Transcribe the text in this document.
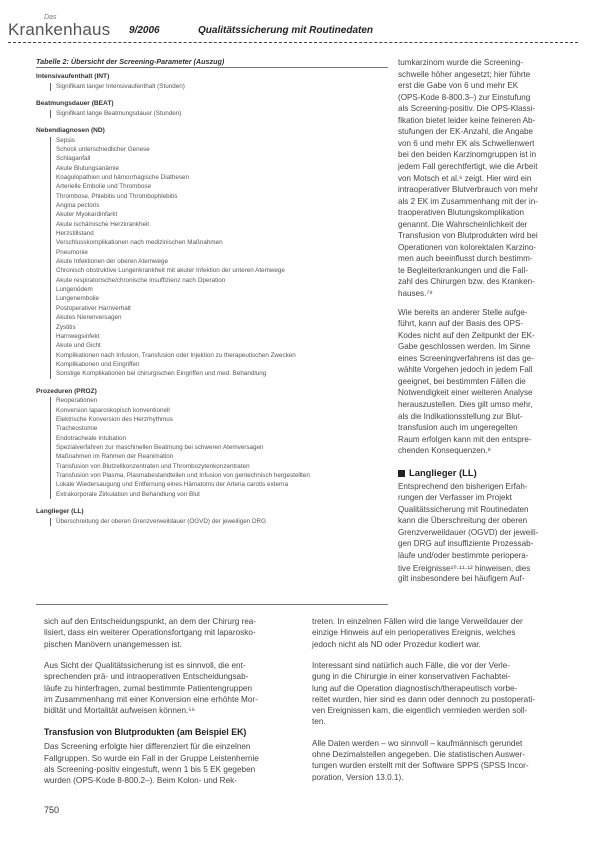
Das
Krankenhaus 9/2006	Qualitätssicherung mit Routinedaten
Tabelle 2: Übersicht der Screening-Parameter (Auszug)
Intensivaufenthalt (INT)
Signifikant langer Intensivaufenthalt (Stunden)
Beatmungsdauer (BEAT)
Signifikant lange Beatmungsdauer (Stunden)
Nebendiagnosen (ND)
Sepsis
Schock unterschiedlicher Genese
Schlaganfall
Akute Blutungsanämie
Koagulopathien und hämorrhagische Diathesen
Arterielle Embolie und Thrombose
Thrombose, Phlebitis und Thrombophlebitis
Angina pectoris
Akuter Myokardinfarkt
Akute ischämische Herzkrankheit
Herzstillstand
Verschlusskomplikationen nach medizinischen Maßnahmen
Pneumonie
Akute Infektionen der oberen Atemwege
Chronisch obstruktive Lungenkrankheit mit akuter Infektion der unteren Atemwege
Akute respiratorische/chronische Insuffizienz nach Operation
Lungenödem
Lungenembolie
Postoperativer Harnverhalt
Akutes Nierenversagen
Zystitis
Harnwegsinfekt
Akute und Gicht
Komplikationen nach Infusion, Transfusion oder Injektion zu therapeutischen Zwecken
Komplikationen und Eingriffen
Sonstige Komplikationen bei chirurgischen Eingriffen und med. Behandlung
Prozeduren (PROZ)
Reoperationen
Konversion laparoskopisch konventionell
Elektrische Konversion des Herzrhythmus
Tracheostomie
Endotracheale Intubation
Spezialverfahren zur maschinellen Beatmung bei schweren Atemversagen
Maßnahmen im Rahmen der Reanimation
Transfusion von Blutzellkonzentraten und Thrombozytenkonzentraten
Transfusion von Plasma, Plasmabestandteilen und Infusion von gentechnisch hergestellten
Lokale Wiedersaugung und Entfernung eines Hämatoms der Arteria carotis externa
Extrakorporale Zirkulation und Behandlung von Blut
Langlieger (LL)
Überschreitung der oberen Grenzverweildauer (OGVD) der jeweiligen DRG
tumkarzinom wurde die Screening-
schwelle höher angesetzt; hier führte
erst die Gabe von 6 und mehr EK
(OPS-Kode 8-800.3–) zur Einstufung
als Screening-positiv. Die OPS-Klassi-
fikation bietet leider keine feineren Ab-
stufungen der EK-Anzahl, die Angabe
von 6 und mehr EK als Schwellenwert
bei den beiden Karzinomgruppen ist in
jedem Fall gerechtfertigt, wie die Arbeit
von Motsch et al.⁶ zeigt. Hier wird ein
intraoperativer Blutverbrauch von mehr
als 2 EK im Zusammenhang mit der in-
traoperativen Blutungskomplikation
genannt. Die Wahrscheinlichkeit der
Transfusion von Blutprodukten wird bei
Operationen von kolorektalen Karzino-
men auch beeinflusst durch bestimm-
te Begleiterkrankungen und die Fall-
zahl des Chirurgen bzw. des Kranken-
hauses.⁷⁹
Wie bereits an anderer Stelle aufge-
führt, kann auf der Basis des OPS-
Kodes nicht auf den Zeitpunkt der EK-
Gabe geschlossen werden. Im Sinne
eines Screeningverfahrens ist das ge-
wählte Vorgehen jedoch in jedem Fall
geeignet, bei bestimmten Fällen die
Notwendigkeit einer weiteren Analyse
herauszustellen. Dies gilt umso mehr,
als die Indikationsstellung zur Blut-
transfusion auch im ungeregelten
Raum erfolgen kann mit den entspre-
chenden Konsequenzen.⁸
Langlieger (LL)
Entsprechend den bisherigen Erfah-
rungen der Verfasser im Projekt
Qualitätssicherung mit Routinedaten
kann die Überschreitung der oberen
Grenzverweildauer (OGVD) der jeweili-
gen DRG auf insuffiziente Prozessab-
läufe und/oder bestimmte periopera-
tive Ereignisse¹⁰·¹¹·¹² hinweisen, dies
gilt insbesondere bei häufigem Auf-
sich auf den Entscheidungspunkt, an dem der Chirurg rea-
lisiert, dass ein weiterer Operationsfortgang mit laparosko-
pischen Manövern unangemessen ist.
Aus Sicht der Qualitätssicherung ist es sinnvoll, die ent-
sprechenden prä- und intraoperativen Entscheidungsab-
läufe zu hinterfragen, zumal bestimmte Patientengruppen
im Zusammenhang mit einer Konversion eine erhöhte Mor-
bidität und Mortalität aufweisen können.⁵⁶
Transfusion von Blutprodukten (am Beispiel EK)
Das Screening erfolgte hier differenziert für die einzelnen
Fallgruppen. So wurde ein Fall in der Gruppe Leistenhernie
als Screening-positiv eingestuft, wenn 1 bis 5 EK gegeben
wurden (OPS-Kode 8-800.2–). Beim Kolon- und Rek-
treten. In einzelnen Fällen wird die lange Verweildauer der
einzige Hinweis auf ein perioperatives Ereignis, welches
jedoch nicht als ND oder Prozedur kodiert war.
Interessant sind natürlich auch Fälle, die vor der Verle-
gung in die Chirurgie in einer konservativen Fachabtei-
lung auf die Operation diagnostisch/therapeutisch vorbe-
reitet wurden, hier sind es dann oder dennoch zu postoperati-
ven Ereignissen kam, die eigentlich vermieden werden soll-
ten.
Alle Daten werden – wo sinnvoll – kaufmännisch gerundet
ohne Dezimalstellen angegeben. Die statistischen Auswer-
tungen wurden erstellt mit der Software SPPS (SPSS Incor-
poration, Version 13.0.1).
750
